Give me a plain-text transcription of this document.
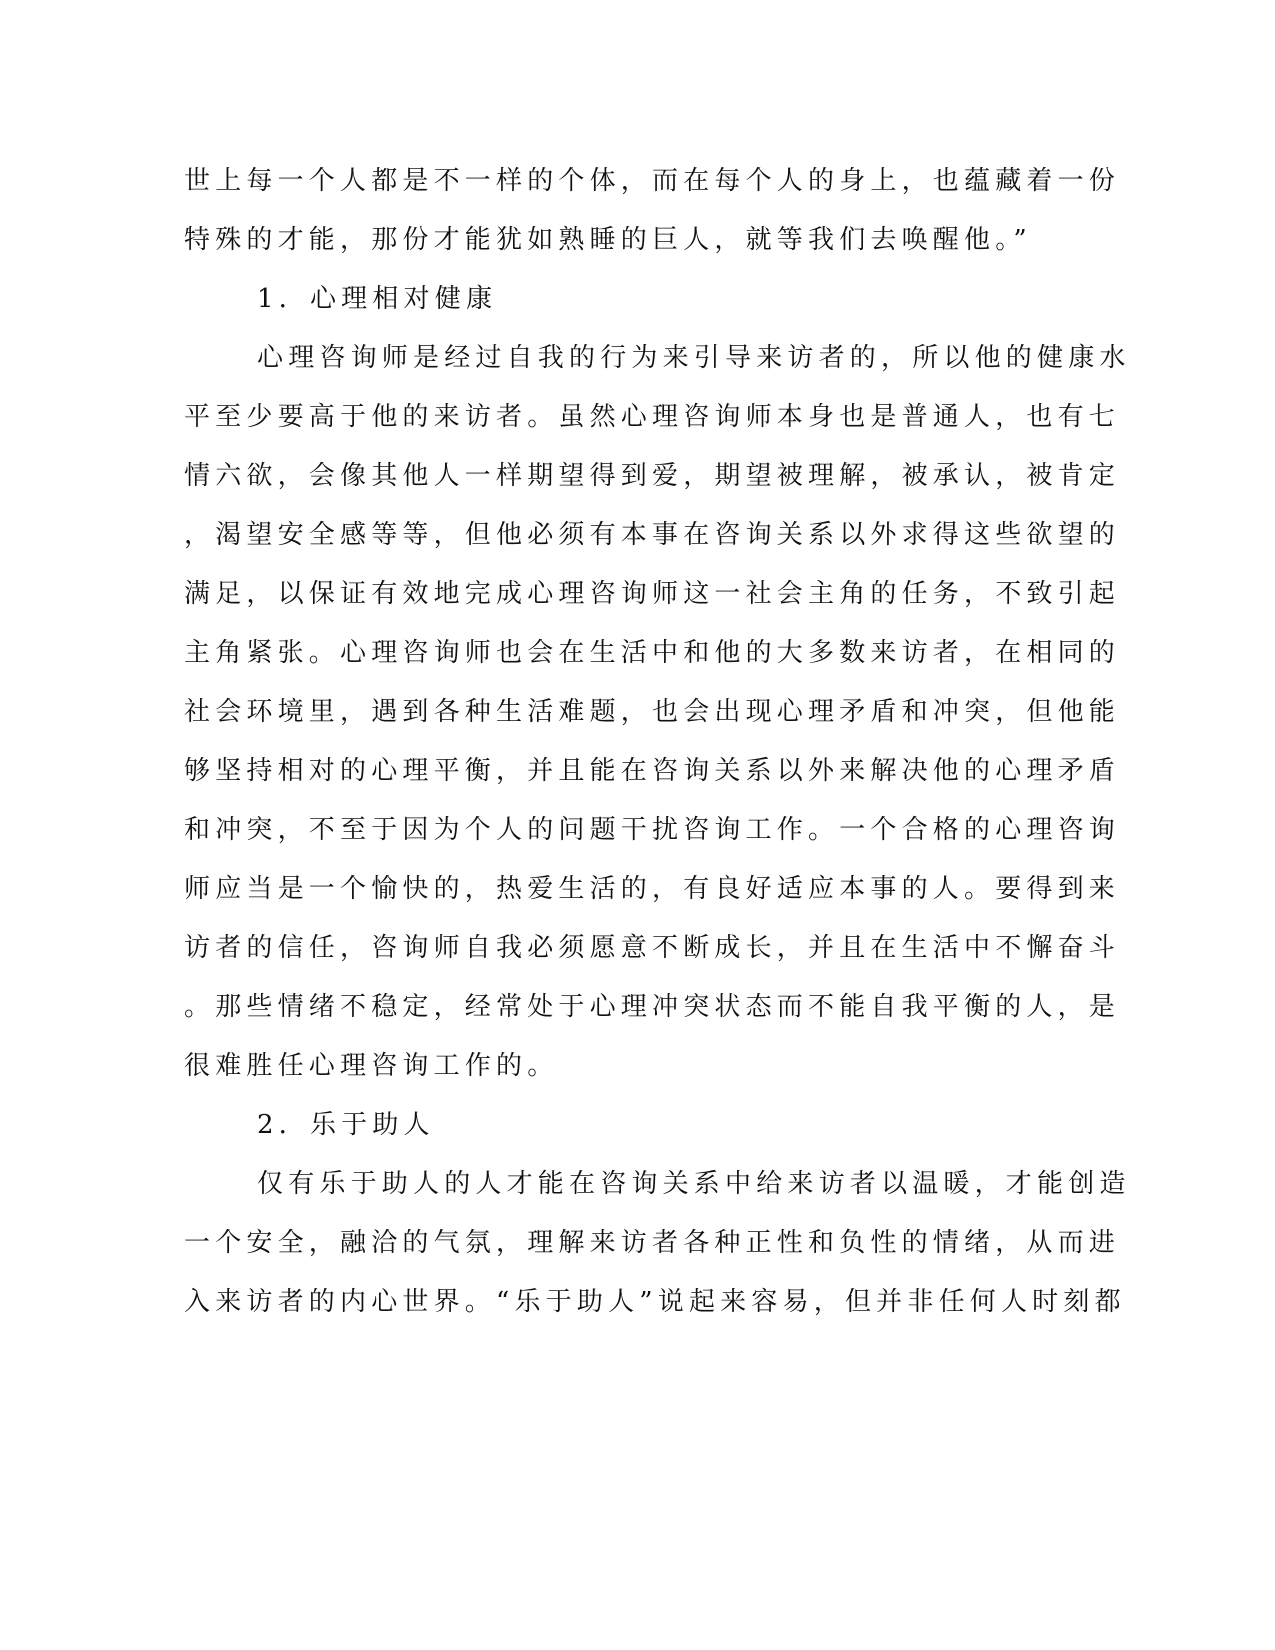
世上每一个人都是不一样的个体，而在每个人的身上，也蕴藏着一份
特殊的才能，那份才能犹如熟睡的巨人，就等我们去唤醒他。”
1．心理相对健康
心理咨询师是经过自我的行为来引导来访者的，所以他的健康水
平至少要高于他的来访者。虽然心理咨询师本身也是普通人，也有七
情六欲，会像其他人一样期望得到爱，期望被理解，被承认，被肯定
，渴望安全感等等，但他必须有本事在咨询关系以外求得这些欲望的
满足，以保证有效地完成心理咨询师这一社会主角的任务，不致引起
主角紧张。心理咨询师也会在生活中和他的大多数来访者，在相同的
社会环境里，遇到各种生活难题，也会出现心理矛盾和冲突，但他能
够坚持相对的心理平衡，并且能在咨询关系以外来解决他的心理矛盾
和冲突，不至于因为个人的问题干扰咨询工作。一个合格的心理咨询
师应当是一个愉快的，热爱生活的，有良好适应本事的人。要得到来
访者的信任，咨询师自我必须愿意不断成长，并且在生活中不懈奋斗
。那些情绪不稳定，经常处于心理冲突状态而不能自我平衡的人，是
很难胜任心理咨询工作的。
2．乐于助人
仅有乐于助人的人才能在咨询关系中给来访者以温暖，才能创造
一个安全，融洽的气氛，理解来访者各种正性和负性的情绪，从而进
入来访者的内心世界。“乐于助人”说起来容易，但并非任何人时刻都
